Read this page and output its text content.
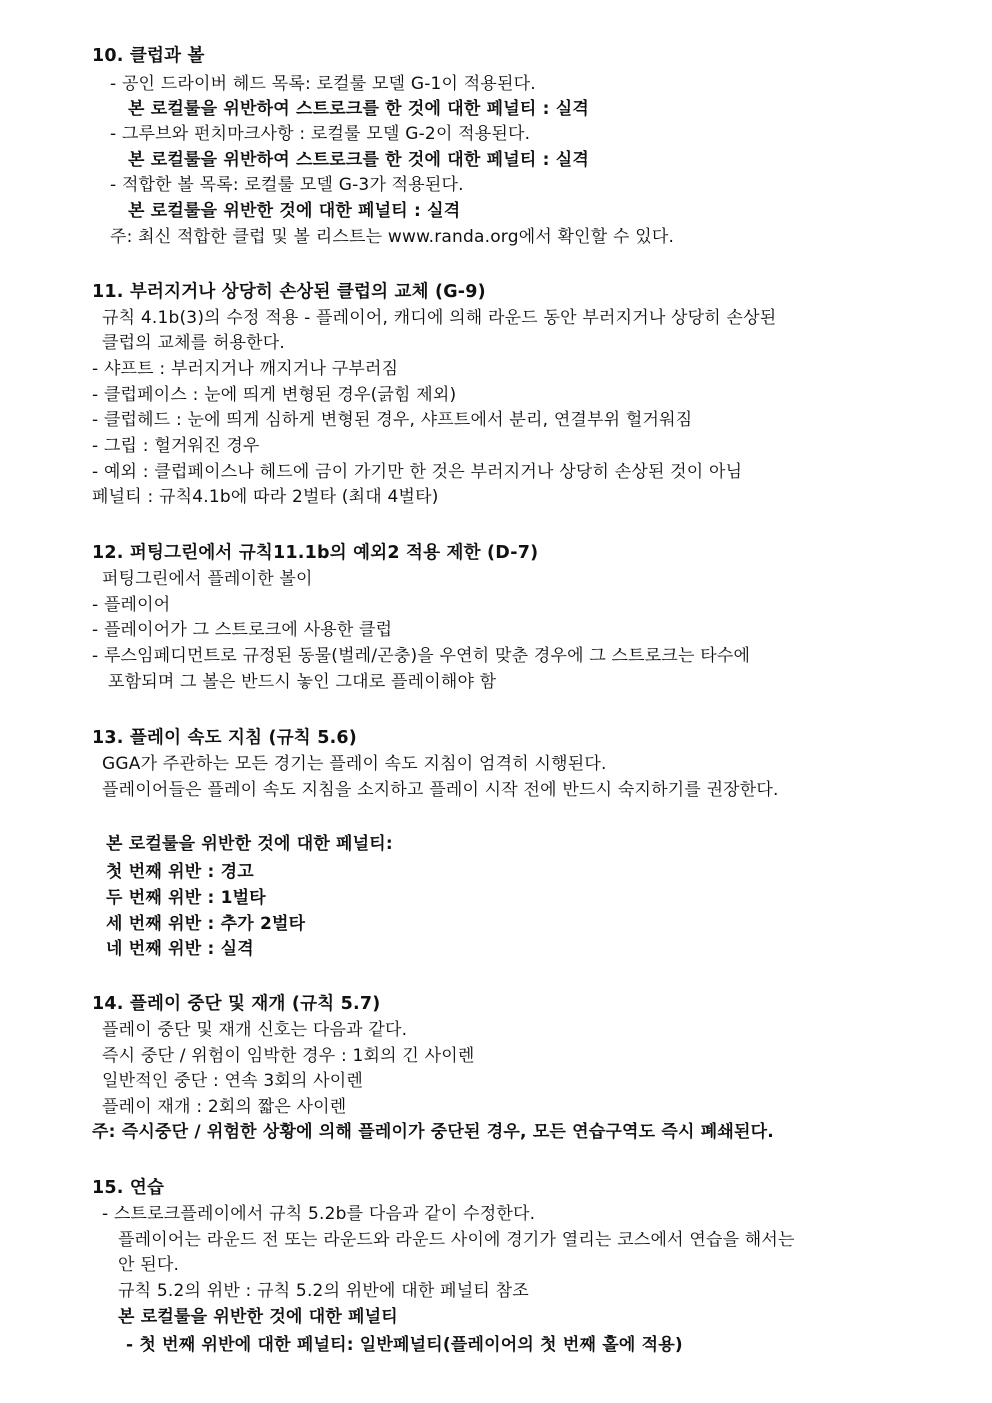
10. 클럽과 볼
- 공인 드라이버 헤드 목록: 로컬룰 모델 G-1이 적용된다.
본 로컬룰을 위반하여 스트로크를 한 것에 대한 페널티 : 실격
- 그루브와 펀치마크사항 : 로컬룰 모델 G-2이 적용된다.
본 로컬룰을 위반하여 스트로크를 한 것에 대한 페널티 : 실격
- 적합한 볼 목록: 로컬룰 모델 G-3가 적용된다.
본 로컬룰을 위반한 것에 대한 페널티 : 실격
주: 최신 적합한 클럽 및 볼 리스트는 www.randa.org에서 확인할 수 있다.
11. 부러지거나 상당히 손상된 클럽의 교체 (G-9)
규칙 4.1b(3)의 수정 적용 - 플레이어, 캐디에 의해 라운드 동안 부러지거나 상당히 손상된
클럽의 교체를 허용한다.
- 샤프트 : 부러지거나 깨지거나 구부러짐
- 클럽페이스 : 눈에 띄게 변형된 경우(긁힘 제외)
- 클럽헤드 : 눈에 띄게 심하게 변형된 경우, 샤프트에서 분리, 연결부위 헐거워짐
- 그립 : 헐거워진 경우
- 예외 : 클럽페이스나 헤드에 금이 가기만 한 것은 부러지거나 상당히 손상된 것이 아님
페널티 : 규칙4.1b에 따라 2벌타 (최대 4벌타)
12. 퍼팅그린에서 규칙11.1b의 예외2 적용 제한 (D-7)
퍼팅그린에서 플레이한 볼이
- 플레이어
- 플레이어가 그 스트로크에 사용한 클럽
- 루스임페디먼트로 규정된 동물(벌레/곤충)을 우연히 맞춘 경우에 그 스트로크는 타수에
포함되며 그 볼은 반드시 놓인 그대로 플레이해야 함
13. 플레이 속도 지침 (규칙 5.6)
GGA가 주관하는 모든 경기는 플레이 속도 지침이 엄격히 시행된다.
플레이어들은 플레이 속도 지침을 소지하고 플레이 시작 전에 반드시 숙지하기를 권장한다.
본 로컬룰을 위반한 것에 대한 페널티:
첫 번째 위반 : 경고
두 번째 위반 : 1벌타
세 번째 위반 : 추가 2벌타
네 번째 위반 : 실격
14. 플레이 중단 및 재개 (규칙 5.7)
플레이 중단 및 재개 신호는 다음과 같다.
즉시 중단 / 위험이 임박한 경우 : 1회의 긴 사이렌
일반적인 중단 : 연속 3회의 사이렌
플레이 재개 : 2회의 짧은 사이렌
주: 즉시중단 / 위험한 상황에 의해 플레이가 중단된 경우, 모든 연습구역도 즉시 폐쇄된다.
15. 연습
- 스트로크플레이에서 규칙 5.2b를 다음과 같이 수정한다.
플레이어는 라운드 전 또는 라운드와 라운드 사이에 경기가 열리는 코스에서 연습을 해서는
안 된다.
규칙 5.2의 위반 : 규칙 5.2의 위반에 대한 페널티 참조
본 로컬룰을 위반한 것에 대한 페널티
- 첫 번째 위반에 대한 페널티: 일반페널티(플레이어의 첫 번째 홀에 적용)
